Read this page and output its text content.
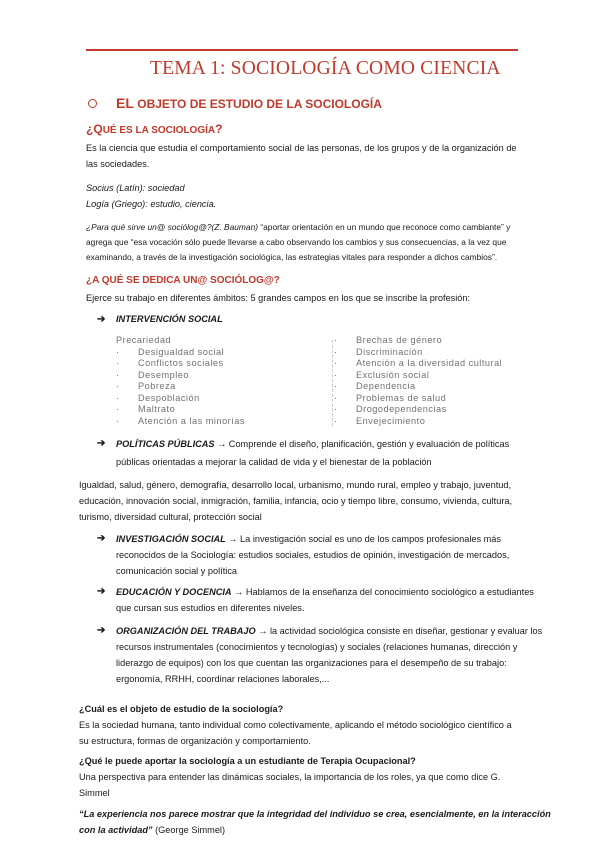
TEMA 1: SOCIOLOGÍA COMO CIENCIA
EL OBJETO DE ESTUDIO DE LA SOCIOLOGÍA
¿QUÉ ES LA SOCIOLOGÍA?
Es la ciencia que estudia el comportamiento social de las personas, de los grupos y de la organización de
las sociedades.
Socius (Latín): sociedad
Logía (Griego): estudio, ciencia.
¿Para qué sirve un@ sociólog@?(Z. Bauman) “aportar orientación en un mundo que reconoce como cambiante” y
agrega que “esa vocación sólo puede llevarse a cabo observando los cambios y sus consecuencias, a la vez que
examinando, a través de la investigación sociológica, las estrategias vitales para responder a dichos cambios”.
¿A QUÉ SE DEDICA UN@ SOCIÓLOG@?
Ejerce su trabajo en diferentes ámbitos: 5 grandes campos en los que se inscribe la profesión:
➔ INTERVENCIÓN SOCIAL
Precariedad
· Desigualdad social
· Conflictos sociales
· Desempleo
· Pobreza
· Despoblación
· Maltrato
· Atención a las minorías
· Brechas de género
· Discriminación
· Atención a la diversidad cultural
· Exclusión social
· Dependencia
· Problemas de salud
· Drogodependencias
· Envejecimiento
➔ POLÍTICAS PÚBLICAS → Comprende el diseño, planificación, gestión y evaluación de políticas
públicas orientadas a mejorar la calidad de vida y el bienestar de la población
Igualdad, salud, género, demografía, desarrollo local, urbanismo, mundo rural, empleo y trabajo, juventud,
educación, innovación social, inmigración, familia, infancia, ocio y tiempo libre, consumo, vivienda, cultura,
turismo, diversidad cultural, protección social
➔ INVESTIGACIÓN SOCIAL → La investigación social es uno de los campos profesionales más
reconocidos de la Sociología: estudios sociales, estudios de opinión, investigación de mercados,
comunicación social y política
➔ EDUCACIÓN Y DOCENCIA → Hablamos de la enseñanza del conocimiento sociológico a estudiantes
que cursan sus estudios en diferentes niveles.
➔ ORGANIZACIÓN DEL TRABAJO → la actividad sociológica consiste en diseñar, gestionar y evaluar los
recursos instrumentales (conocimientos y tecnologías) y sociales (relaciones humanas, dirección y
liderazgo de equipos) con los que cuentan las organizaciones para el desempeño de su trabajo:
ergonomía, RRHH, coordinar relaciones laborales,...
¿Cuál es el objeto de estudio de la sociología?
Es la sociedad humana, tanto individual como colectivamente, aplicando el método sociológico científico a
su estructura, formas de organización y comportamiento.
¿Qué le puede aportar la sociología a un estudiante de Terapia Ocupacional?
Una perspectiva para entender las dinámicas sociales, la importancia de los roles, ya que como dice G.
Simmel
“La experiencia nos parece mostrar que la integridad del individuo se crea, esencialmente, en la interacción
con la actividad” (George Simmel)
